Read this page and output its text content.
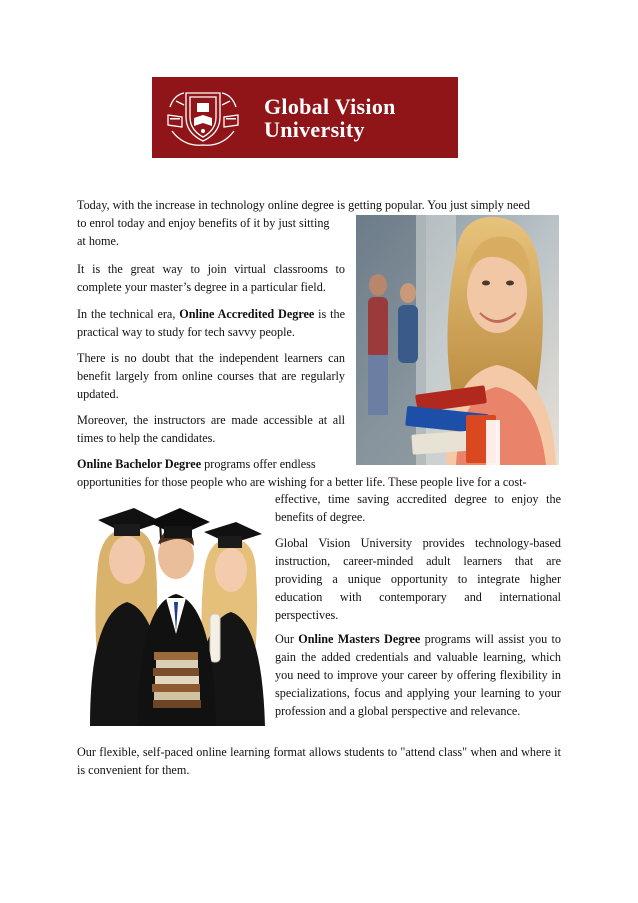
Global Vision
University
Today, with the increase in technology online degree is getting popular. You just simply need
to enrol today and enjoy benefits of it by just sitting
at home.

It is the great way to join virtual classrooms to complete your master’s degree in a particular field.

In the technical era, Online Accredited Degree is the practical way to study for tech savvy people.

There is no doubt that the independent learners can benefit largely from online courses that are regularly updated.

Moreover, the instructors are made accessible at all times to help the candidates.

Online Bachelor Degree programs offer endless
opportunities for those people who are wishing for a better life. These people live for a cost-

effective, time saving accredited degree to enjoy the benefits of degree.

Global Vision University provides technology-based instruction, career-minded adult learners that are providing a unique opportunity to integrate higher education with contemporary and international perspectives.

Our Online Masters Degree programs will assist you to gain the added credentials and valuable learning, which you need to improve your career by offering flexibility in specializations, focus and applying your learning to your profession and a global perspective and relevance.

Our flexible, self-paced online learning format allows students to "attend class" when and where it is convenient for them.
